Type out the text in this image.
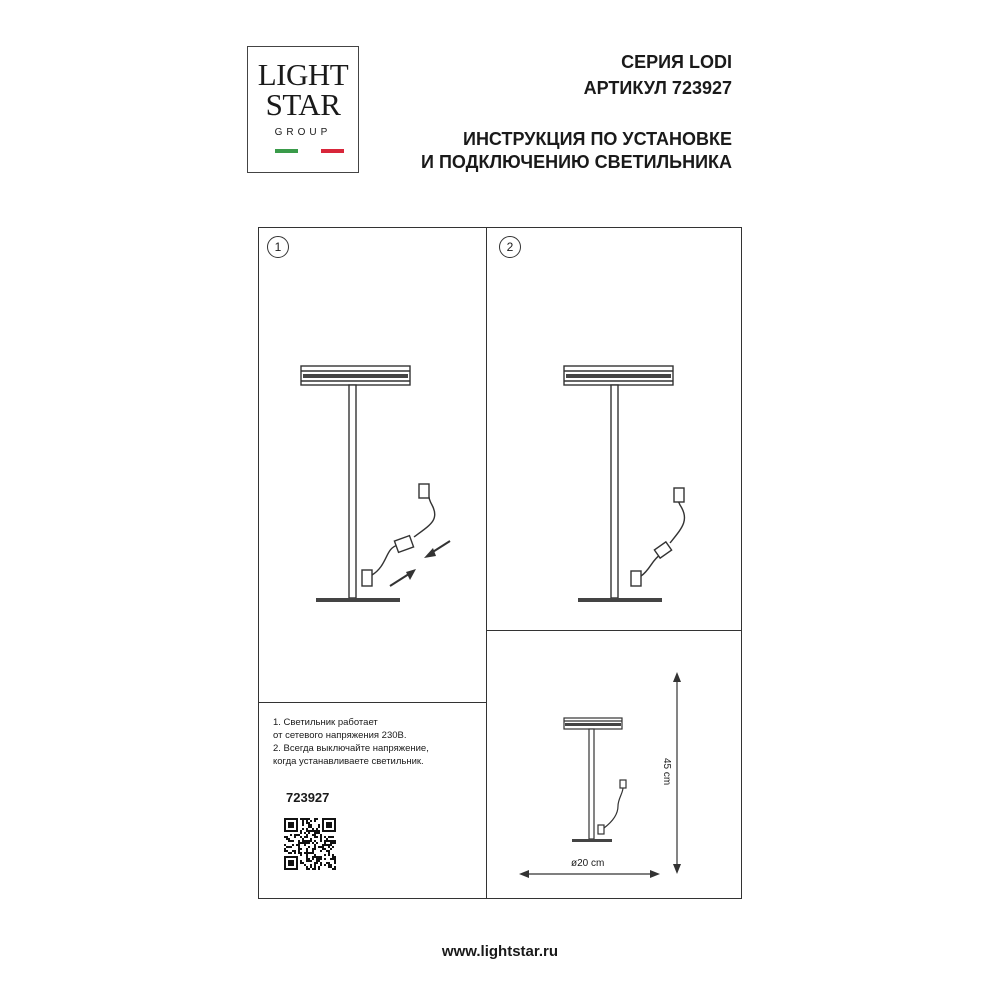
LIGHT
STAR
GROUP
СЕРИЯ LODI
АРТИКУЛ 723927
ИНСТРУКЦИЯ ПО УСТАНОВКЕ
И ПОДКЛЮЧЕНИЮ СВЕТИЛЬНИКА
1	2
45 cm
ø20 cm
1. Светильник работает
от сетевого напряжения 230В.
2. Всегда выключайте напряжение,
когда устанавливаете светильник.
723927
www.lightstar.ru
